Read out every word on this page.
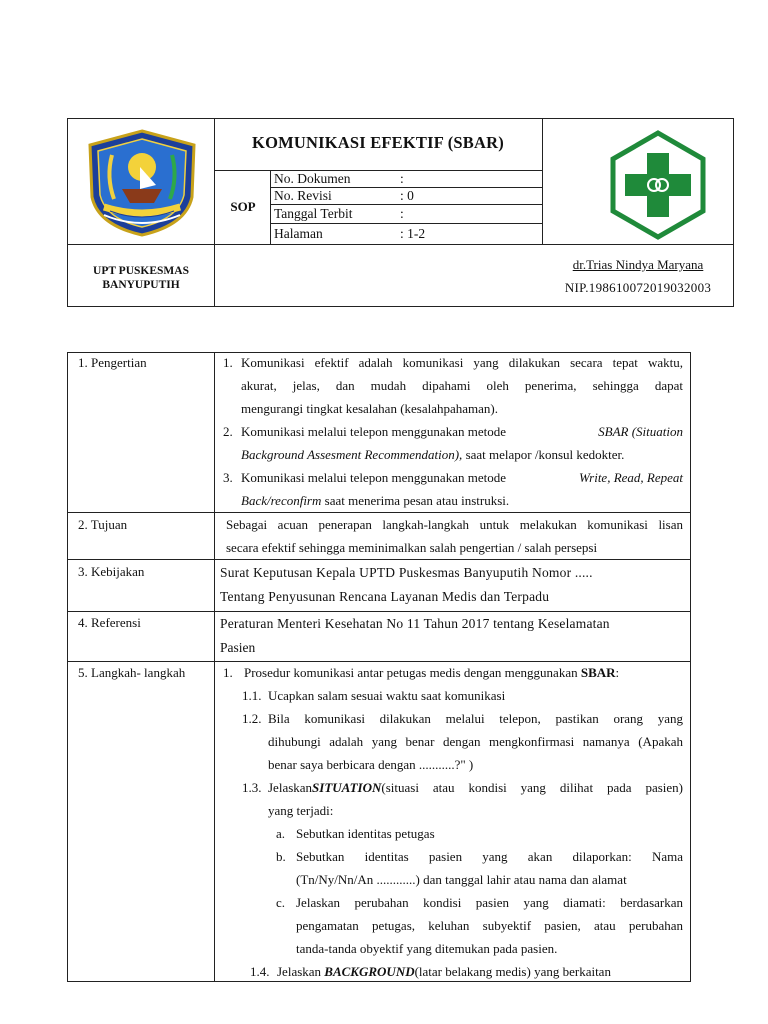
KOMUNIKASI EFEKTIF (SBAR)
SOP
No. Dokumen	:
No. Revisi	: 0
Tanggal Terbit	:
Halaman	: 1-2
UPT PUSKESMAS
BANYUPUTIH
dr.Trias Nindya Maryana
NIP.198610072019032003
1. Pengertian	1. Komunikasi efektif adalah komunikasi yang dilakukan secara tepat waktu,
akurat, jelas, dan mudah dipahami oleh penerima, sehingga dapat
mengurangi tingkat kesalahan (kesalahpahaman).
2. Komunikasi melalui telepon menggunakan metode	SBAR (Situation
Background Assesment Recommendation), saat melapor /konsul kedokter.
3. Komunikasi melalui telepon menggunakan metode	Write, Read, Repeat
Back/reconfirm saat menerima pesan atau instruksi.
2. Tujuan	Sebagai acuan penerapan langkah-langkah untuk melakukan komunikasi lisan
secara efektif sehingga meminimalkan salah pengertian / salah persepsi
3. Kebijakan	Surat Keputusan Kepala UPTD Puskesmas Banyuputih Nomor .....
Tentang Penyusunan Rencana Layanan Medis dan Terpadu
4. Referensi	Peraturan Menteri Kesehatan No 11 Tahun 2017 tentang Keselamatan
Pasien
5. Langkah- langkah	1. Prosedur komunikasi antar petugas medis dengan menggunakan SBAR:
1.1. Ucapkan salam sesuai waktu saat komunikasi
1.2. Bila komunikasi dilakukan melalui telepon, pastikan orang yang
dihubungi adalah yang benar dengan mengkonfirmasi namanya (Apakah
benar saya berbicara dengan ...........?" )
1.3. Jelaskan SITUATION (situasi atau kondisi yang dilihat pada pasien)
yang terjadi:
a. Sebutkan identitas petugas
b. Sebutkan identitas pasien yang akan dilaporkan: Nama
(Tn/Ny/Nn/An ............) dan tanggal lahir atau nama dan alamat
c. Jelaskan perubahan kondisi pasien yang diamati: berdasarkan
pengamatan petugas, keluhan subyektif pasien, atau perubahan
tanda-tanda obyektif yang ditemukan pada pasien.
1.4. Jelaskan BACKGROUND(latar belakang medis) yang berkaitan
